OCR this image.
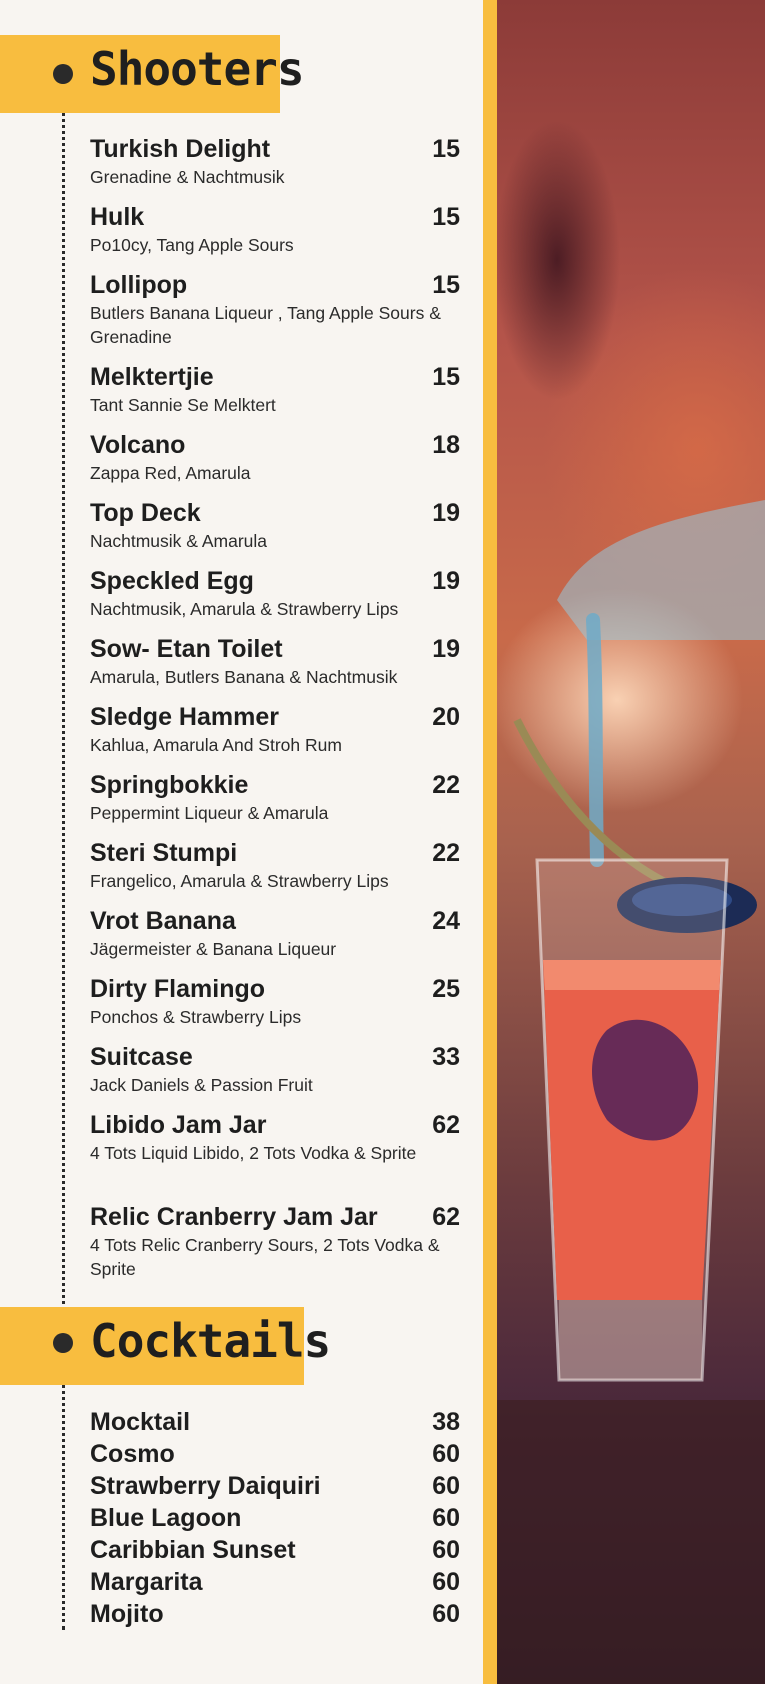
Shooters
Turkish Delight	15
Grenadine & Nachtmusik
Hulk	15
Po10cy, Tang Apple Sours
Lollipop	15
Butlers Banana Liqueur , Tang Apple Sours & Grenadine
Melktertjie	15
Tant Sannie Se Melktert
Volcano	18
Zappa Red, Amarula
Top Deck	19
Nachtmusik & Amarula
Speckled Egg	19
Nachtmusik, Amarula & Strawberry Lips
Sow- Etan Toilet	19
Amarula, Butlers Banana & Nachtmusik
Sledge Hammer	20
Kahlua, Amarula And Stroh Rum
Springbokkie	22
Peppermint Liqueur & Amarula
Steri Stumpi	22
Frangelico, Amarula & Strawberry Lips
Vrot Banana	24
Jägermeister & Banana Liqueur
Dirty Flamingo	25
Ponchos & Strawberry Lips
Suitcase	33
Jack Daniels & Passion Fruit
Libido Jam Jar	62
4 Tots Liquid Libido, 2 Tots Vodka & Sprite
Relic Cranberry Jam Jar 62
4 Tots Relic Cranberry Sours, 2 Tots Vodka & Sprite
Cocktails
Mocktail	38
Cosmo	60
Strawberry Daiquiri	60
Blue Lagoon	60
Caribbian Sunset	60
Margarita	60
Mojito	60
